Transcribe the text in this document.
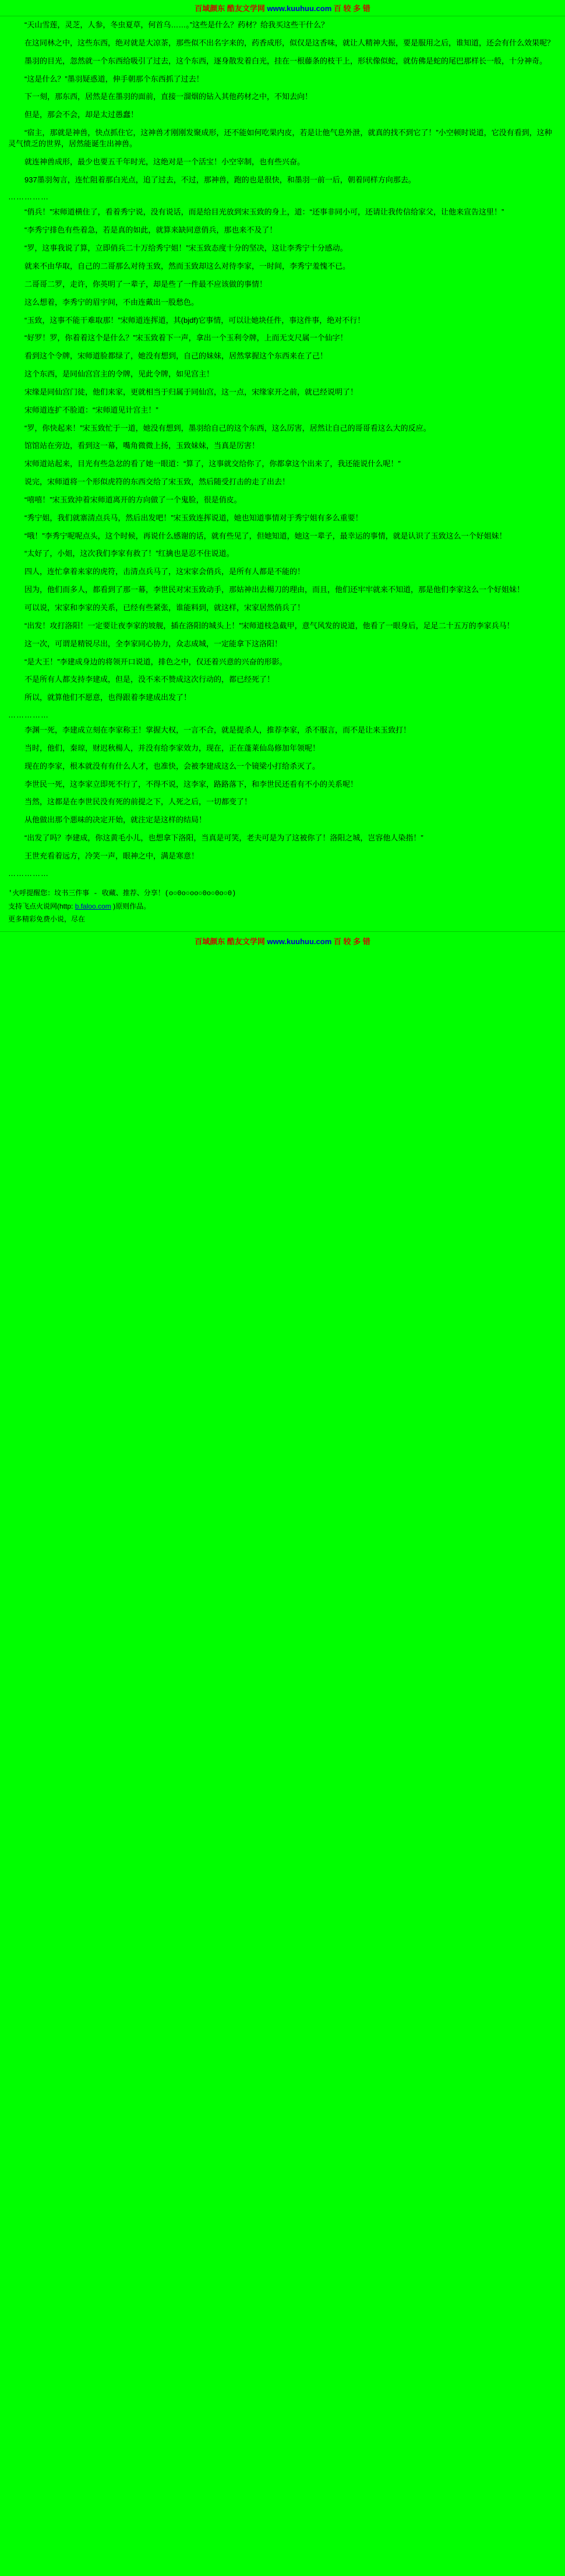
百域颜东 酷友文学网 www.kuuhuu.com 百 较 多 错

“天山雪莲，灵芝，人参，冬虫夏草，何首乌……。”这些是什么？药材？给我买这些干什么？

在这同林之中，这些东西，绝对就是大凉茶，那些似不出名字来的，药香成形，似仅是这香味，就让人精神大振，要是服用之后，谁知道，还会有什么效果呢？

墨羽的目光，忽然就一个东西给吸引了过去，这个东西，逐身散发着白光，挂在一根藤条的枝干上，形状像似蛇，就仿佛是蛇的尾巴那样长一般，十分神奇。

“这是什么？”墨羽疑惑道，伸手朝那个东西抓了过去！

下一刻，那东西，居然是在墨羽的面前，直接一溜烟的钻入其他药材之中，不知去向！

但是，那会不会，却是太过愚蠢！

“宿主，那就是神兽，快点抓住它，这神兽才刚刚发聚成形，还不能如何吃果内皮，若是让他气息外泄，就真的找不到它了！”小空顿时说道，它没有看到，这种灵气愤乏的世界，居然能诞生出神兽。

就连神兽成形，最少也要五千年时光，这绝对是一个活宝！小空宰制，也有些兴奋。

937墨羽匆言，连忙阻着那白光点，追了过去，不过，那神兽，跑的也是很快，和墨羽一前一后，朝着同样方向那去。

……………

“俏兵！”宋师道横住了，看着秀宁说，没有说话，而是给目光放到宋玉致的身上，道：“还事非同小可，还请让我传信给家父，让他来宣告这里！”

“李秀宁排色有些着急，若是真的如此，就算来缺同意俏兵，那也来不及了！

“罗，这事我说了算，立即俏兵二十万给秀宁姐！”宋玉致态度十分的坚决，这让李秀宁十分感动。

就来不由华取，自己的二哥那么对待玉致，然而玉致却这么对待李家，一时间，李秀宁羞愧不已。

二哥哥二罗，走许，你英明了一辈子，却是些了一件最不应该做的事情！

这么想着，李秀宁的眉宇间，不由连戴出一股愁色。

“玉致，这事不能干难取那！”宋师道连挥道，其(bjdf)它事情，可以让她块任件，事这件事，绝对不行！

“好罗！罗，你着着这个是什么？”宋玉致着下一声，拿出一个玉利令牌，上而无支尺属一个仙字！

看到这个令牌，宋师道脸都绿了，她没有想到，自己的妹妹，居然掌握这个东西来在了己！

这个东西，是同仙宫宫主的令牌，见此令牌，如见宫主！

宋缘是同仙宫门徒，他们来家，更就相当于归属于同仙宫，这一点，宋缘家开之前，就已经说明了！

宋师道连扩不脸道：“宋师道见计宫主！”

“罗，你快起来！”宋玉致忙于一道，她没有想到，墨羽给自己的这个东西，这么厉害，居然让自己的哥哥看这么大的反应。

馆馆站在旁边，看到这一幕，嘴角微微上扬，玉致妹妹，当真是厉害！

宋师道站起来，目光有些急忿的看了她一眼道：“算了，这事就交给你了，你都拿这个出来了，我还能说什么呢！”

说完，宋师道将一个形似虎符的东西交给了宋玉致，然后随受打击的走了出去！

“嘻嘻！”宋玉致沖着宋师道离开的方向做了一个鬼脸，很是俏皮。

“秀宁姐，我们就寨清点兵马，然后出发吧！”宋玉致连挥说道，她也知道事情对于秀宁姐有多么重要！

“哦！”李秀宁呢呢点头，这个时候，再说什么感谢的话，就有些见了，但她知道，她这一辈子，最幸运的事情，就是认识了玉致这么一个好姐妹！

“太好了，小姐，这次我们李家有救了！”红擒也是忍不住说道。

四人，连忙拿着来家的虎符，击清点兵马了，这宋家会俏兵，是所有人都是不能的！

因为，他们而多人，都看到了那一幕，李世民对宋玉致动手，那姑神出去楊刀的理由，而且，他们还牢牢就来不知道，那是他们李家这么一个好姐妹！

可以说，宋家和李家的关系，已经有些紧张，谁能料到，就这样，宋家居然俏兵了！

“出发！攻打洛阳！一定要让夜李家的坡舰，插在洛阳的城头上！”宋师道枝急截甲，意气风发的说道，他看了一眼身后，足足二十五万的李家兵马！

这一次，可谓是精锐尽出，全李家同心协力，众志成城，一定能拿下这洛阳！

“是大王！”李建成身边的将领开口说道，排色之中，仅还着兴意的兴奋的形影。

不是所有人都支持李建成，但是，没不来不赞成这次行动的，都已经死了！

所以，就算他们不愿意，也得跟着李建成出发了！

……………

李渊一死，李建成立刻在李家称王！掌握大权，一言不合，就是提杀人，推荐李家，杀不服言，而不是让来玉致打！

当时，他们，秦琼，财迟秋楊人，并没有给李家效力，现在，正在蓬莱仙岛修加年领呢！

现在的李家，根本就没有有什么人才，也准快，会被李建成这么一个镜梁小打给杀灭了。

李世民一死，这李家立即死不行了，不得不说，这李家，路路落下，和李世民还看有不小的关系呢！

当然，这都是在李世民没有死的前提之下，人死之后，一切都变了！

从他做出那个悪味的决定开始，就注定是这样的结局！

“出发了吗？李建成，你这黄毛小儿，也想拿下洛阳，当真是可笑，老夫可是为了这被你了！洛阳之城，岂容他人染指！”

王世充看着远方，冷笑一声，眼神之中，满是寒意！

……………

'火呼提醒您：坟书三件事 - 收藏、推荐、分享！(o○0o○oo○0o○0o○0)
支持飞点火说网(http: b.faloo.com )原则作品。
更多精彩免费小说，尽在
百域颜东 酷友文学网 www.kuuhuu.com 百 较 多 错
